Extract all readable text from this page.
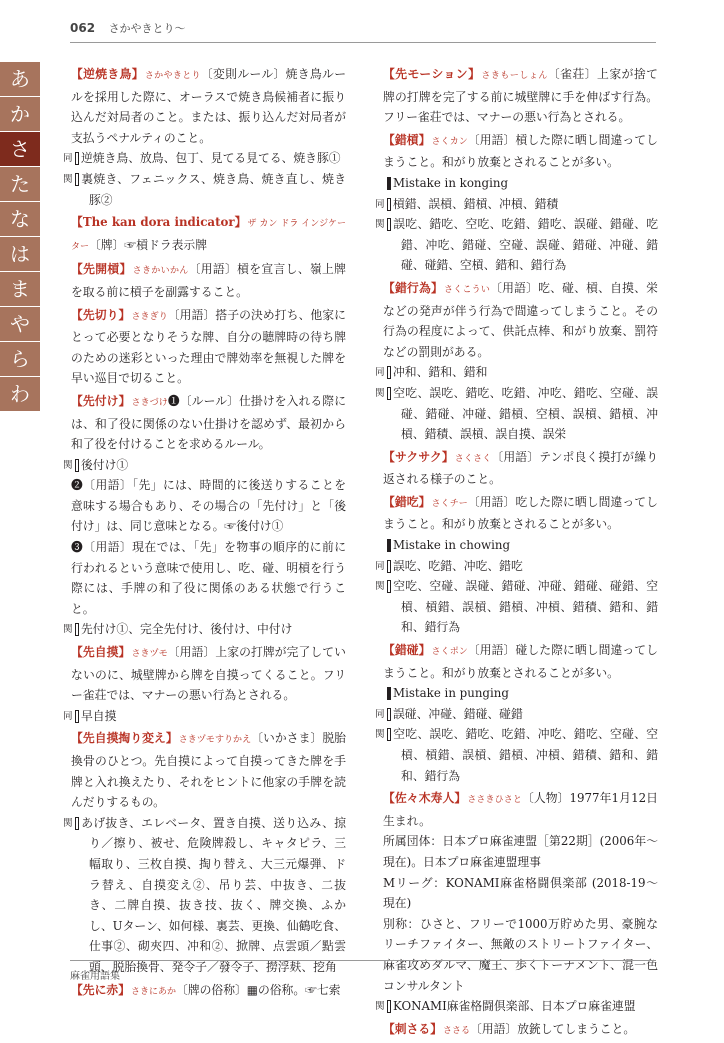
062 さかやきとり〜
あ
か
さ
た
な
は
ま
や
ら
わ
【逆焼き鳥】さかやきとり〔変則ルール〕焼き鳥ルールを採用した際に、オーラスで焼き鳥候補者に振り込んだ対局者のこと。または、振り込んだ対局者が支払うペナルティのこと。
同 逆焼き鳥、放鳥、包丁、見てる見てる、焼き豚①
関 裏焼き、フェニックス、焼き鳥、焼き直し、焼き豚②
【The kan dora indicator】ザ カン ドラ インジケーター〔牌〕☞槓ドラ表示牌
【先開槓】さきかいかん〔用語〕槓を宣言し、嶺上牌を取る前に槓子を副露すること。
【先切り】さきぎり〔用語〕搭子の決め打ち、他家にとって必要となりそうな牌、自分の聴牌時の待ち牌のための迷彩といった理由で牌効率を無視した牌を早い巡目で切ること。
【先付け】さきづけ❶〔ルール〕仕掛けを入れる際には、和了役に関係のない仕掛けを認めず、最初から和了役を付けることを求めるルール。
関 後付け①
❷〔用語〕「先」には、時間的に後送りすることを意味する場合もあり、その場合の「先付け」と「後付け」は、同じ意味となる。☞後付け①
❸〔用語〕現在では、「先」を物事の順序的に前に行われるという意味で使用し、吃、碰、明槓を行う際には、手牌の和了役に関係のある状態で行うこと。
関 先付け①、完全先付け、後付け、中付け
【先自摸】さきヅモ〔用語〕上家の打牌が完了していないのに、城壁牌から牌を自摸ってくること。フリー雀荘では、マナーの悪い行為とされる。
同 早自摸
【先自摸掏り変え】さきヅモすりかえ〔いかさま〕脱胎換骨のひとつ。先自摸によって自摸ってきた牌を手牌と入れ換えたり、それをヒントに他家の手牌を読んだりするもの。
関 あげ抜き、エレベータ、置き自摸、送り込み、掠り／擦り、被せ、危険牌殺し、キャタピラ、三幅取り、三枚自摸、掏り替え、大三元爆弾、ドラ替え、自摸変え②、吊り芸、中抜き、二抜き、二牌自摸、抜き技、抜く、牌交換、ふかし、Uターン、如何様、裏芸、更換、仙鶴吃食、仕事②、砌夾四、冲和②、掀牌、点雲頭／點雲頭、脱胎換骨、発令子／發令子、撈浮麸、挖角
【先に赤】さきにあか〔牌の俗称〕▦の俗称。☞七索
【先モーション】さきもーしょん〔雀荘〕上家が捨て牌の打牌を完了する前に城壁牌に手を伸ばす行為。フリー雀荘では、マナーの悪い行為とされる。
【錯槓】さくカン〔用語〕槓した際に晒し間違ってしまうこと。和がり放棄とされることが多い。
英 Mistake in konging
同 槓錯、誤槓、錯槓、冲槓、錯積
関 誤吃、錯吃、空吃、吃錯、錯吃、誤碰、錯碰、吃錯、冲吃、錯碰、空碰、誤碰、錯碰、冲碰、錯碰、碰錯、空槓、錯和、錯行為
【錯行為】さくこうい〔用語〕吃、碰、槓、自摸、栄などの発声が伴う行為で間違ってしまうこと。その行為の程度によって、供託点棒、和がり放棄、罰符などの罰則がある。
同 冲和、錯和、錯和
関 空吃、誤吃、錯吃、吃錯、冲吃、錯吃、空碰、誤碰、錯碰、冲碰、錯槓、空槓、誤槓、錯槓、冲槓、錯積、誤槓、誤自摸、誤栄
【サクサク】さくさく〔用語〕テンポ良く摸打が繰り返される様子のこと。
【錯吃】さくチー〔用語〕吃した際に晒し間違ってしまうこと。和がり放棄とされることが多い。
英 Mistake in chowing
同 誤吃、吃錯、冲吃、錯吃
関 空吃、空碰、誤碰、錯碰、冲碰、錯碰、碰錯、空槓、槓錯、誤槓、錯槓、冲槓、錯積、錯和、錯和、錯行為
【錯碰】さくポン〔用語〕碰した際に晒し間違ってしまうこと。和がり放棄とされることが多い。
英 Mistake in punging
同 誤碰、冲碰、錯碰、碰錯
関 空吃、誤吃、錯吃、吃錯、冲吃、錯吃、空碰、空槓、槓錯、誤槓、錯槓、冲槓、錯積、錯和、錯和、錯行為
【佐々木寿人】ささきひさと〔人物〕1977年1月12日生まれ。
所属団体：日本プロ麻雀連盟［第22期］(2006年〜現在)。日本プロ麻雀連盟理事
Mリーグ：KONAMI麻雀格闘倶楽部 (2018-19〜現在)
別称：ひさと、フリーで1000万貯めた男、豪腕なリーチファイター、無敵のストリートファイター、麻雀攻めダルマ、魔王、歩くトーナメント、混一色コンサルタント
関 KONAMI麻雀格闘倶楽部、日本プロ麻雀連盟
【刺さる】ささる〔用語〕放銃してしまうこと。
麻雀用語集
